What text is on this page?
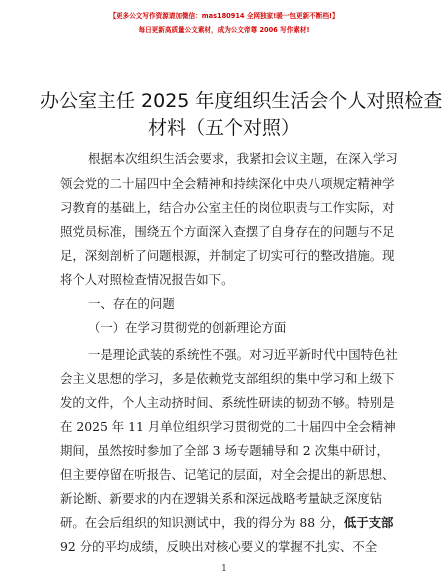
【更多公文写作资源请加微信：mas180914 全网独家!暖一包更新不断档!】
每日更新高质量公文素材，成为公文帝尊 2006 写作素材!
办公室主任 2025 年度组织生活会个人对照检查
材料（五个对照）
根据本次组织生活会要求，我紧扣会议主题，在深入学习
领会党的二十届四中全会精神和持续深化中央八项规定精神学
习教育的基础上，结合办公室主任的岗位职责与工作实际，对
照党员标准，围绕五个方面深入查摆了自身存在的问题与不足
足，深刻剖析了问题根源，并制定了切实可行的整改措施。现
将个人对照检查情况报告如下。
一、存在的问题
（一）在学习贯彻党的创新理论方面
一是理论武装的系统性不强。对习近平新时代中国特色社
会主义思想的学习，多是依赖党支部组织的集中学习和上级下
发的文件，个人主动挤时间、系统性研读的韧劲不够。特别是
在 2025 年 11 月单位组织学习贯彻党的二十届四中全会精神
期间，虽然按时参加了全部 3 场专题辅导和 2 次集中研讨，
但主要停留在听报告、记笔记的层面，对全会提出的新思想、
新论断、新要求的内在逻辑关系和深远战略考量缺乏深度钻
研。在会后组织的知识测试中，我的得分为 88 分，低于支部
92 分的平均成绩，反映出对核心要义的掌握不扎实、不全
1
